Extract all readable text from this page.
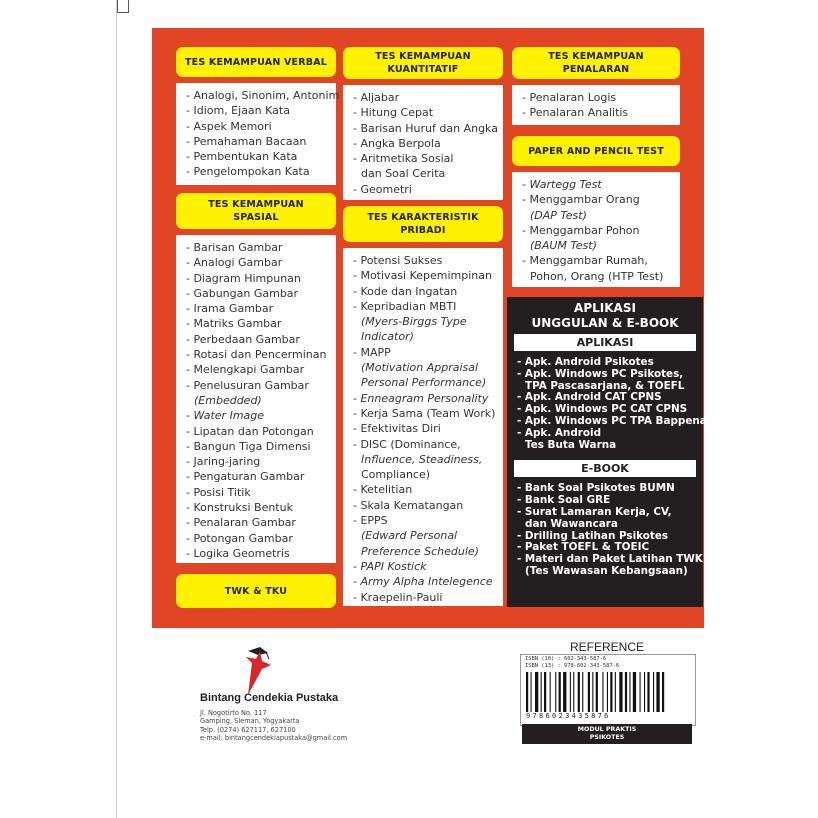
TES KEMAMPUAN VERBAL
- Analogi, Sinonim, Antonim
- Idiom, Ejaan Kata
- Aspek Memori
- Pemahaman Bacaan
- Pembentukan Kata
- Pengelompokan Kata
TES KEMAMPUAN
KUANTITATIF
- Aljabar
- Hitung Cepat
- Barisan Huruf dan Angka
- Angka Berpola
- Aritmetika Sosial
dan Soal Cerita
- Geometri
TES KEMAMPUAN
PENALARAN
- Penalaran Logis
- Penalaran Analitis
PAPER AND PENCIL TEST
- Wartegg Test
- Menggambar Orang
(DAP Test)
- Menggambar Pohon
(BAUM Test)
- Menggambar Rumah,
Pohon, Orang (HTP Test)
TES KEMAMPUAN
SPASIAL
- Barisan Gambar
- Analogi Gambar
- Diagram Himpunan
- Gabungan Gambar
- Irama Gambar
- Matriks Gambar
- Perbedaan Gambar
- Rotasi dan Pencerminan
- Melengkapi Gambar
- Penelusuran Gambar
(Embedded)
- Water Image
- Lipatan dan Potongan
- Bangun Tiga Dimensi
- Jaring-jaring
- Pengaturan Gambar
- Posisi Titik
- Konstruksi Bentuk
- Penalaran Gambar
- Potongan Gambar
- Logika Geometris
TES KARAKTERISTIK
PRIBADI
- Potensi Sukses
- Motivasi Kepemimpinan
- Kode dan Ingatan
- Kepribadian MBTI
(Myers-Birggs Type
Indicator)
- MAPP
(Motivation Appraisal
Personal Performance)
- Enneagram Personality
- Kerja Sama (Team Work)
- Efektivitas Diri
- DISC (Dominance,
Influence, Steadiness,
Compliance)
- Ketelitian
- Skala Kematangan
- EPPS
(Edward Personal
Preference Schedule)
- PAPI Kostick
- Army Alpha Intelegence
- Kraepelin-Pauli
TWK & TKU
APLIKASI
UNGGULAN & E-BOOK
APLIKASI
- Apk. Android Psikotes
- Apk. Windows PC Psikotes,
TPA Pascasarjana, & TOEFL
- Apk. Android CAT CPNS
- Apk. Windows PC CAT CPNS
- Apk. Windows PC TPA Bappenas
- Apk. Android
Tes Buta Warna
E-BOOK
- Bank Soal Psikotes BUMN
- Bank Soal GRE
- Surat Lamaran Kerja, CV,
dan Wawancara
- Drilling Latihan Psikotes
- Paket TOEFL & TOEIC
- Materi dan Paket Latihan TWK
(Tes Wawasan Kebangsaan)
Bintang Cendekia Pustaka
Jl. Nogotirto No. 117
Gamping, Sleman, Yogyakarta
Telp. (0274) 627117, 627100
e-mail: bintangcendekiapustaka@gmail.com
REFERENCE
ISBN (10) : 602-343-587-6
ISBN (13) : 978-602-343-587-6
9786023435876
MODUL PRAKTIS
PSIKOTES
